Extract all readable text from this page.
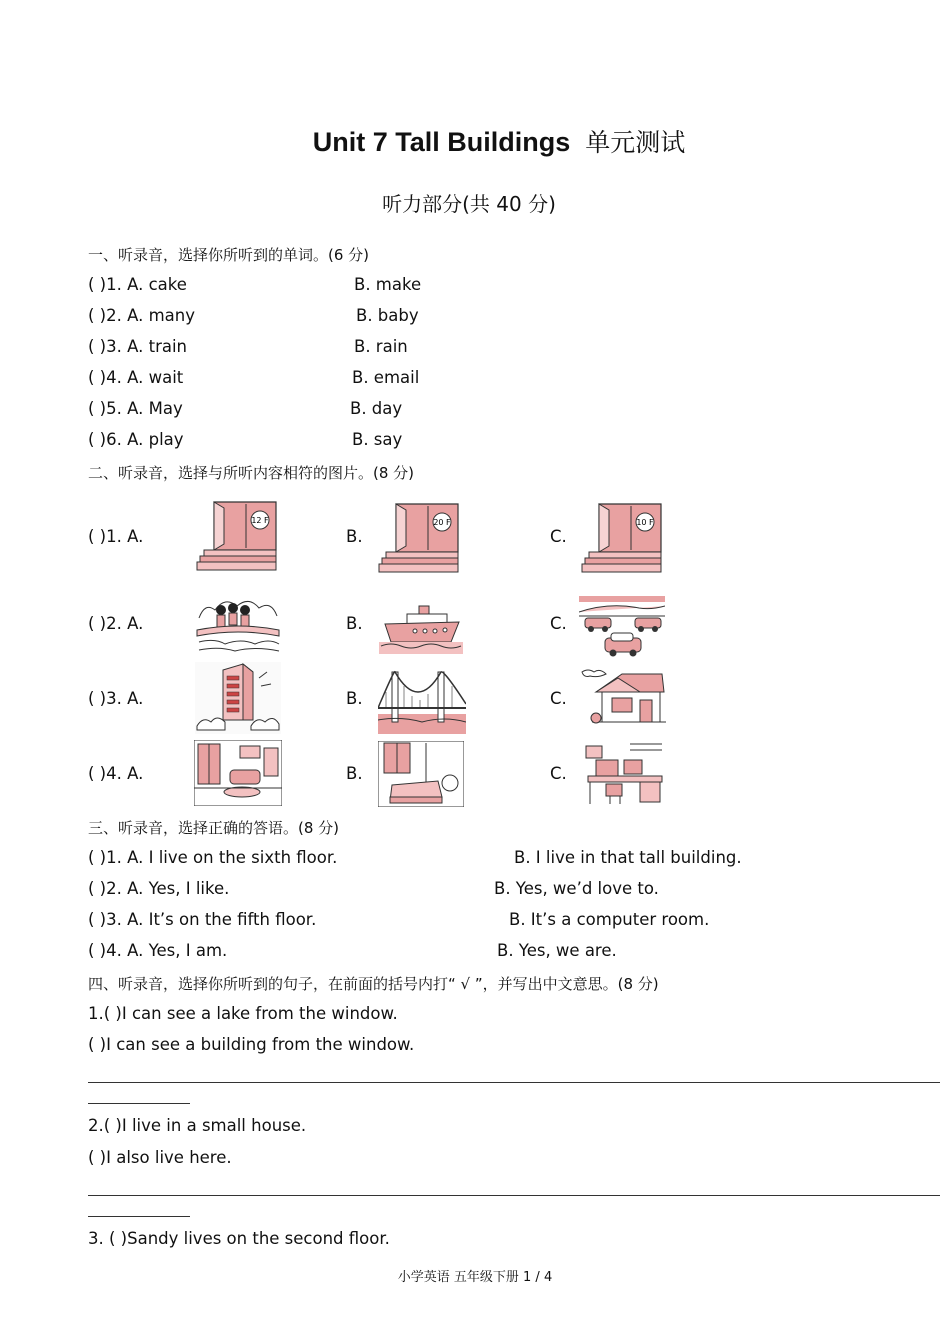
Unit 7 Tall Buildings 单元测试
听力部分(共 40 分)
一、听录音，选择你所听到的单词。(6 分)
( )1. A. cake	B. make
( )2. A. many	B. baby
( )3. A. train	B. rain
( )4. A. wait	B. email
( )5. A. May	B. day
( )6. A. play	B. say
二、听录音，选择与所听内容相符的图片。(8 分)
( )1. A.	B.	C.
12 F	20 F	10 F
( )2. A.	B.	C.
( )3. A.	B.	C.
( )4. A.	B.	C.
三、听录音，选择正确的答语。(8 分)
( )1. A. I live on the sixth floor.	B. I live in that tall building.
( )2. A. Yes, I like.	B. Yes, we’d love to.
( )3. A. It’s on the fifth floor.	B. It’s a computer room.
( )4. A. Yes, I am.	B. Yes, we are.
四、听录音，选择你所听到的句子，在前面的括号内打“ √ ”，并写出中文意思。(8 分)
1.( )I can see a lake from the window.
( )I can see a building from the window.
2.( )I live in a small house.
( )I also live here.
3. ( )Sandy lives on the second floor.
小学英语 五年级下册 1 / 4
